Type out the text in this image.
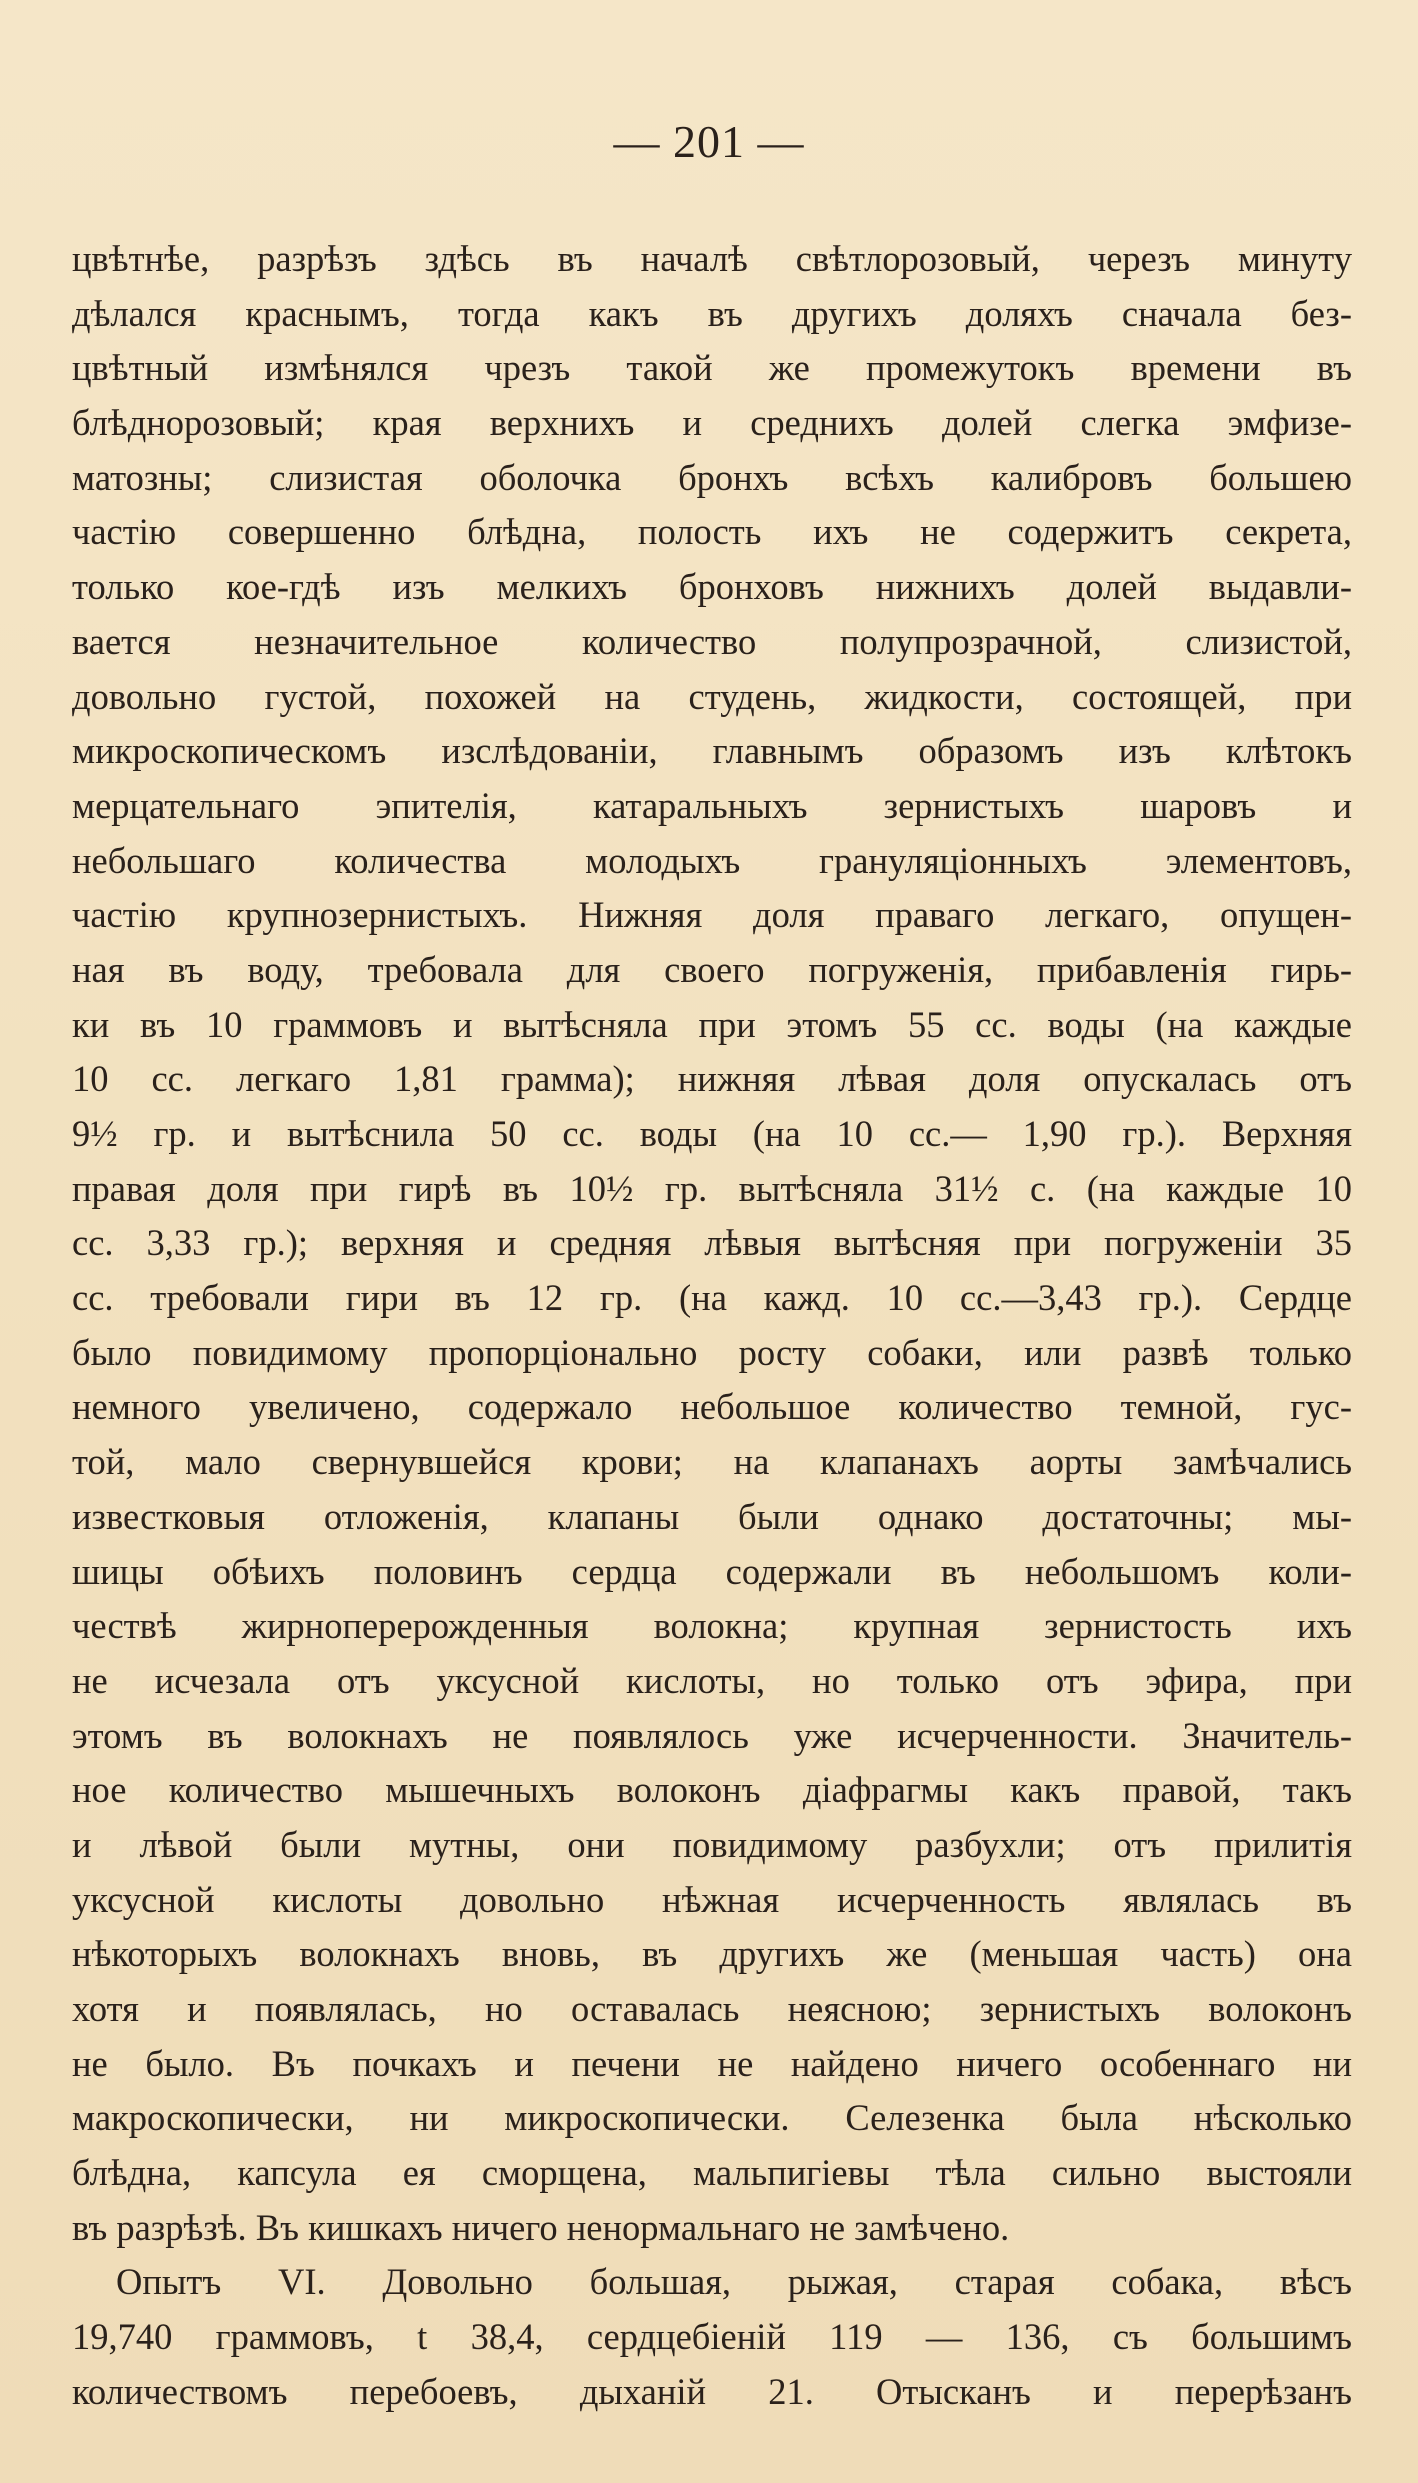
— 201 —
цвѣтнѣе, разрѣзъ здѣсь въ началѣ свѣтлорозовый, черезъ минуту
дѣлался краснымъ, тогда какъ въ другихъ доляхъ сначала без-
цвѣтный измѣнялся чрезъ такой же промежутокъ времени въ
блѣднорозовый; края верхнихъ и среднихъ долей слегка эмфизе-
матозны; слизистая оболочка бронхъ всѣхъ калибровъ большею
частію совершенно блѣдна, полость ихъ не содержитъ секрета,
только кое-гдѣ изъ мелкихъ бронховъ нижнихъ долей выдавли-
вается незначительное количество полупрозрачной, слизистой,
довольно густой, похожей на студень, жидкости, состоящей, при
микроскопическомъ изслѣдованіи, главнымъ образомъ изъ клѣтокъ
мерцательнаго эпителія, катаральныхъ зернистыхъ шаровъ и
небольшаго количества молодыхъ грануляціонныхъ элементовъ,
частію крупнозернистыхъ. Нижняя доля праваго легкаго, опущен-
ная въ воду, требовала для своего погруженія, прибавленія гирь-
ки въ 10 граммовъ и вытѣсняла при этомъ 55 сс. воды (на каждые
10 сс. легкаго 1,81 грамма); нижняя лѣвая доля опускалась отъ
9½ гр. и вытѣснила 50 сс. воды (на 10 сс.— 1,90 гр.). Верхняя
правая доля при гирѣ въ 10½ гр. вытѣсняла 31½ с. (на каждые 10
сс. 3,33 гр.); верхняя и средняя лѣвыя вытѣсняя при погруженіи 35
сс. требовали гири въ 12 гр. (на кажд. 10 сс.—3,43 гр.). Сердце
было повидимому пропорціонально росту собаки, или развѣ только
немного увеличено, содержало небольшое количество темной, гус-
той, мало свернувшейся крови; на клапанахъ аорты замѣчались
известковыя отложенія, клапаны были однако достаточны; мы-
шицы обѣихъ половинъ сердца содержали въ небольшомъ коли-
чествѣ жирноперерожденныя волокна; крупная зернистость ихъ
не исчезала отъ уксусной кислоты, но только отъ эфира, при
этомъ въ волокнахъ не появлялось уже исчерченности. Значитель-
ное количество мышечныхъ волоконъ діафрагмы какъ правой, такъ
и лѣвой были мутны, они повидимому разбухли; отъ прилитія
уксусной кислоты довольно нѣжная исчерченность являлась въ
нѣкоторыхъ волокнахъ вновь, въ другихъ же (меньшая часть) она
хотя и появлялась, но оставалась неясною; зернистыхъ волоконъ
не было. Въ почкахъ и печени не найдено ничего особеннаго ни
макроскопически, ни микроскопически. Селезенка была нѣсколько
блѣдна, капсула ея сморщена, мальпигіевы тѣла сильно выстояли
въ разрѣзѣ. Въ кишкахъ ничего ненормальнаго не замѣчено.
Опытъ VI. Довольно большая, рыжая, старая собака, вѣсъ
19,740 граммовъ, t 38,4, сердцебіеній 119 — 136, съ большимъ
количествомъ перебоевъ, дыханій 21. Отысканъ и перерѣзанъ
